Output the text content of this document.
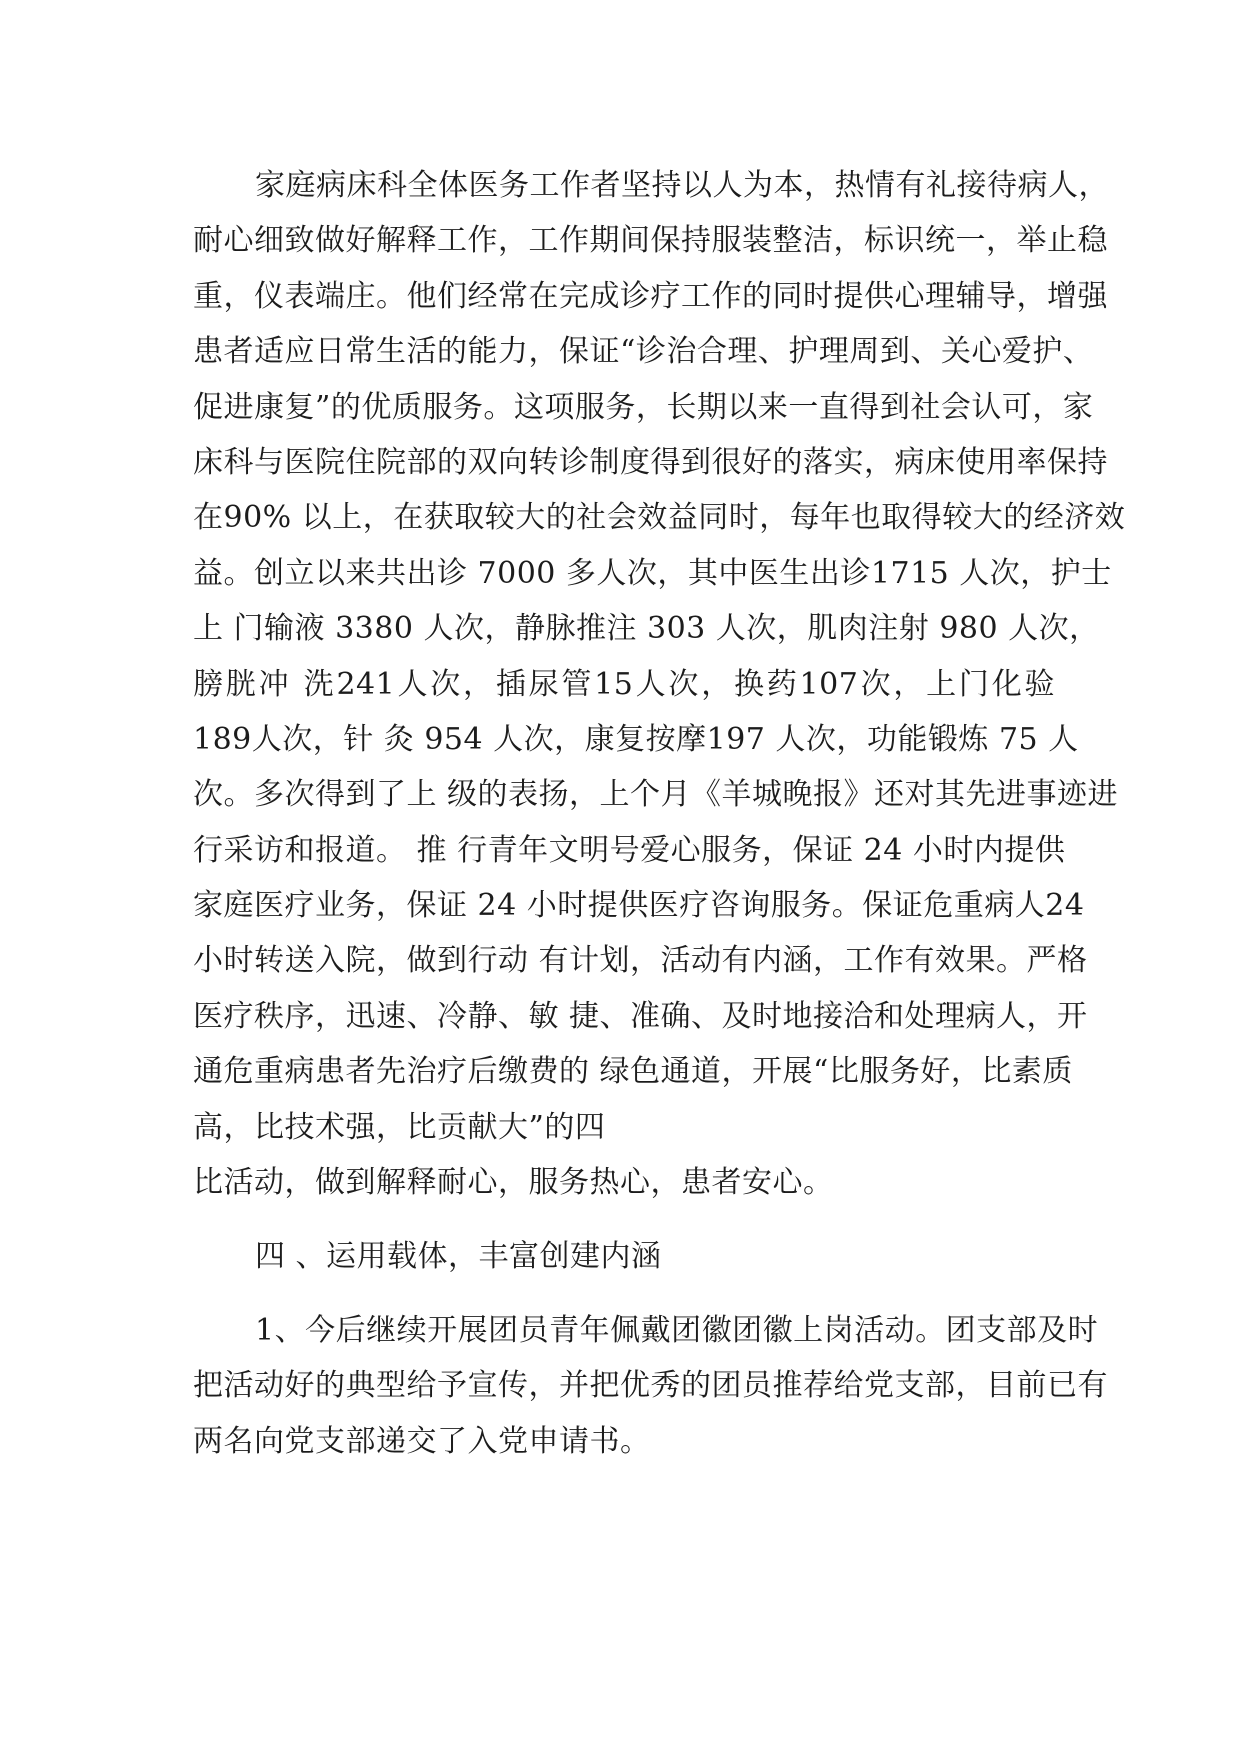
家庭病床科全体医务工作者坚持以人为本，热情有礼接待病人，
耐心细致做好解释工作，工作期间保持服装整洁，标识统一，举止稳
重，仪表端庄。他们经常在完成诊疗工作的同时提供心理辅导，增强
患者适应日常生活的能力，保证“诊治合理、护理周到、关心爱护、
促进康复”的优质服务。这项服务，长期以来一直得到社会认可，家
床科与医院住院部的双向转诊制度得到很好的落实，病床使用率保持
在90% 以上，在获取较大的社会效益同时，每年也取得较大的经济效
益。创立以来共出诊 7000 多人次，其中医生出诊1715 人次，护士
上 门输液 3380 人次，静脉推注 303 人次，肌肉注射 980 人次，
膀胱冲 洗241人次，插尿管15人次，换药107次，上门化验
189人次，针 灸 954 人次，康复按摩197 人次，功能锻炼 75 人
次。多次得到了上 级的表扬，上个月《羊城晚报》还对其先进事迹进
行采访和报道。 推 行青年文明号爱心服务，保证 24 小时内提供
家庭医疗业务，保证 24 小时提供医疗咨询服务。保证危重病人24
小时转送入院，做到行动 有计划，活动有内涵，工作有效果。严格
医疗秩序，迅速、冷静、敏 捷、准确、及时地接洽和处理病人，开
通危重病患者先治疗后缴费的 绿色通道，开展“比服务好，比素质
高，比技术强，比贡献大”的四
比活动，做到解释耐心，服务热心，患者安心。
四 、运用载体，丰富创建内涵
1、今后继续开展团员青年佩戴团徽团徽上岗活动。团支部及时
把活动好的典型给予宣传，并把优秀的团员推荐给党支部，目前已有
两名向党支部递交了入党申请书。
